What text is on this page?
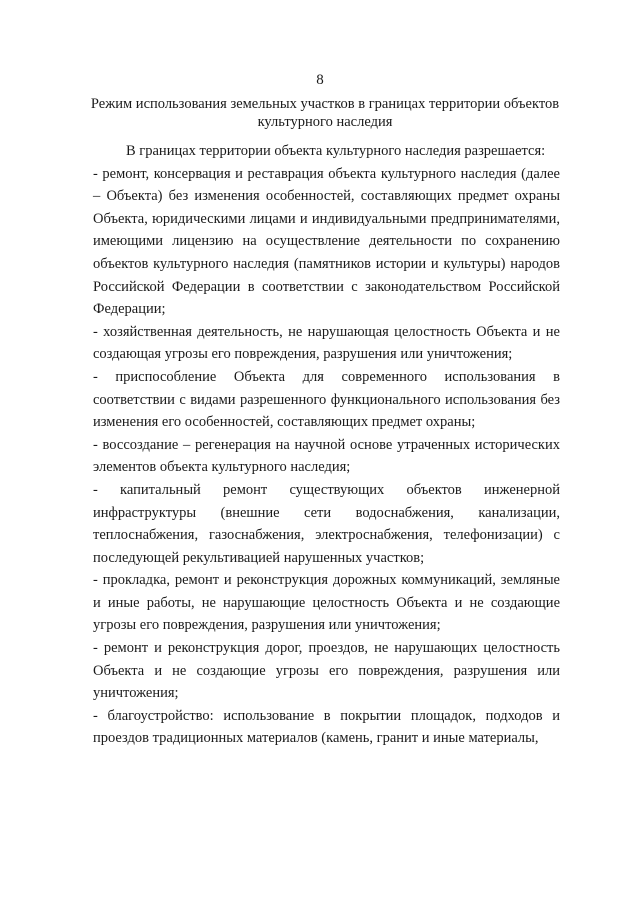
8
Режим использования земельных участков в границах территории объектов культурного наследия

В границах территории объекта культурного наследия разрешается:

- ремонт, консервация и реставрация объекта культурного наследия (далее – Объекта) без изменения особенностей, составляющих предмет охраны Объекта, юридическими лицами и индивидуальными предпринимателями, имеющими лицензию на осуществление деятельности по сохранению объектов культурного наследия (памятников истории и культуры) народов Российской Федерации в соответствии с законодательством Российской Федерации;

- хозяйственная деятельность, не нарушающая целостность Объекта и не создающая угрозы его повреждения, разрушения или уничтожения;

- приспособление Объекта для современного использования в соответствии с видами разрешенного функционального использования без изменения его особенностей, составляющих предмет охраны;

- воссоздание – регенерация на научной основе утраченных исторических элементов объекта культурного наследия;

- капитальный ремонт существующих объектов инженерной инфраструктуры (внешние сети водоснабжения, канализации, теплоснабжения, газоснабжения, электроснабжения, телефонизации) с последующей рекультивацией нарушенных участков;

- прокладка, ремонт и реконструкция дорожных коммуникаций, земляные и иные работы, не нарушающие целостность Объекта и не создающие угрозы его повреждения, разрушения или уничтожения;

- ремонт и реконструкция дорог, проездов, не нарушающих целостность Объекта и не создающие угрозы его повреждения, разрушения или уничтожения;

- благоустройство: использование в покрытии площадок, подходов и проездов традиционных материалов (камень, гранит и иные материалы,
